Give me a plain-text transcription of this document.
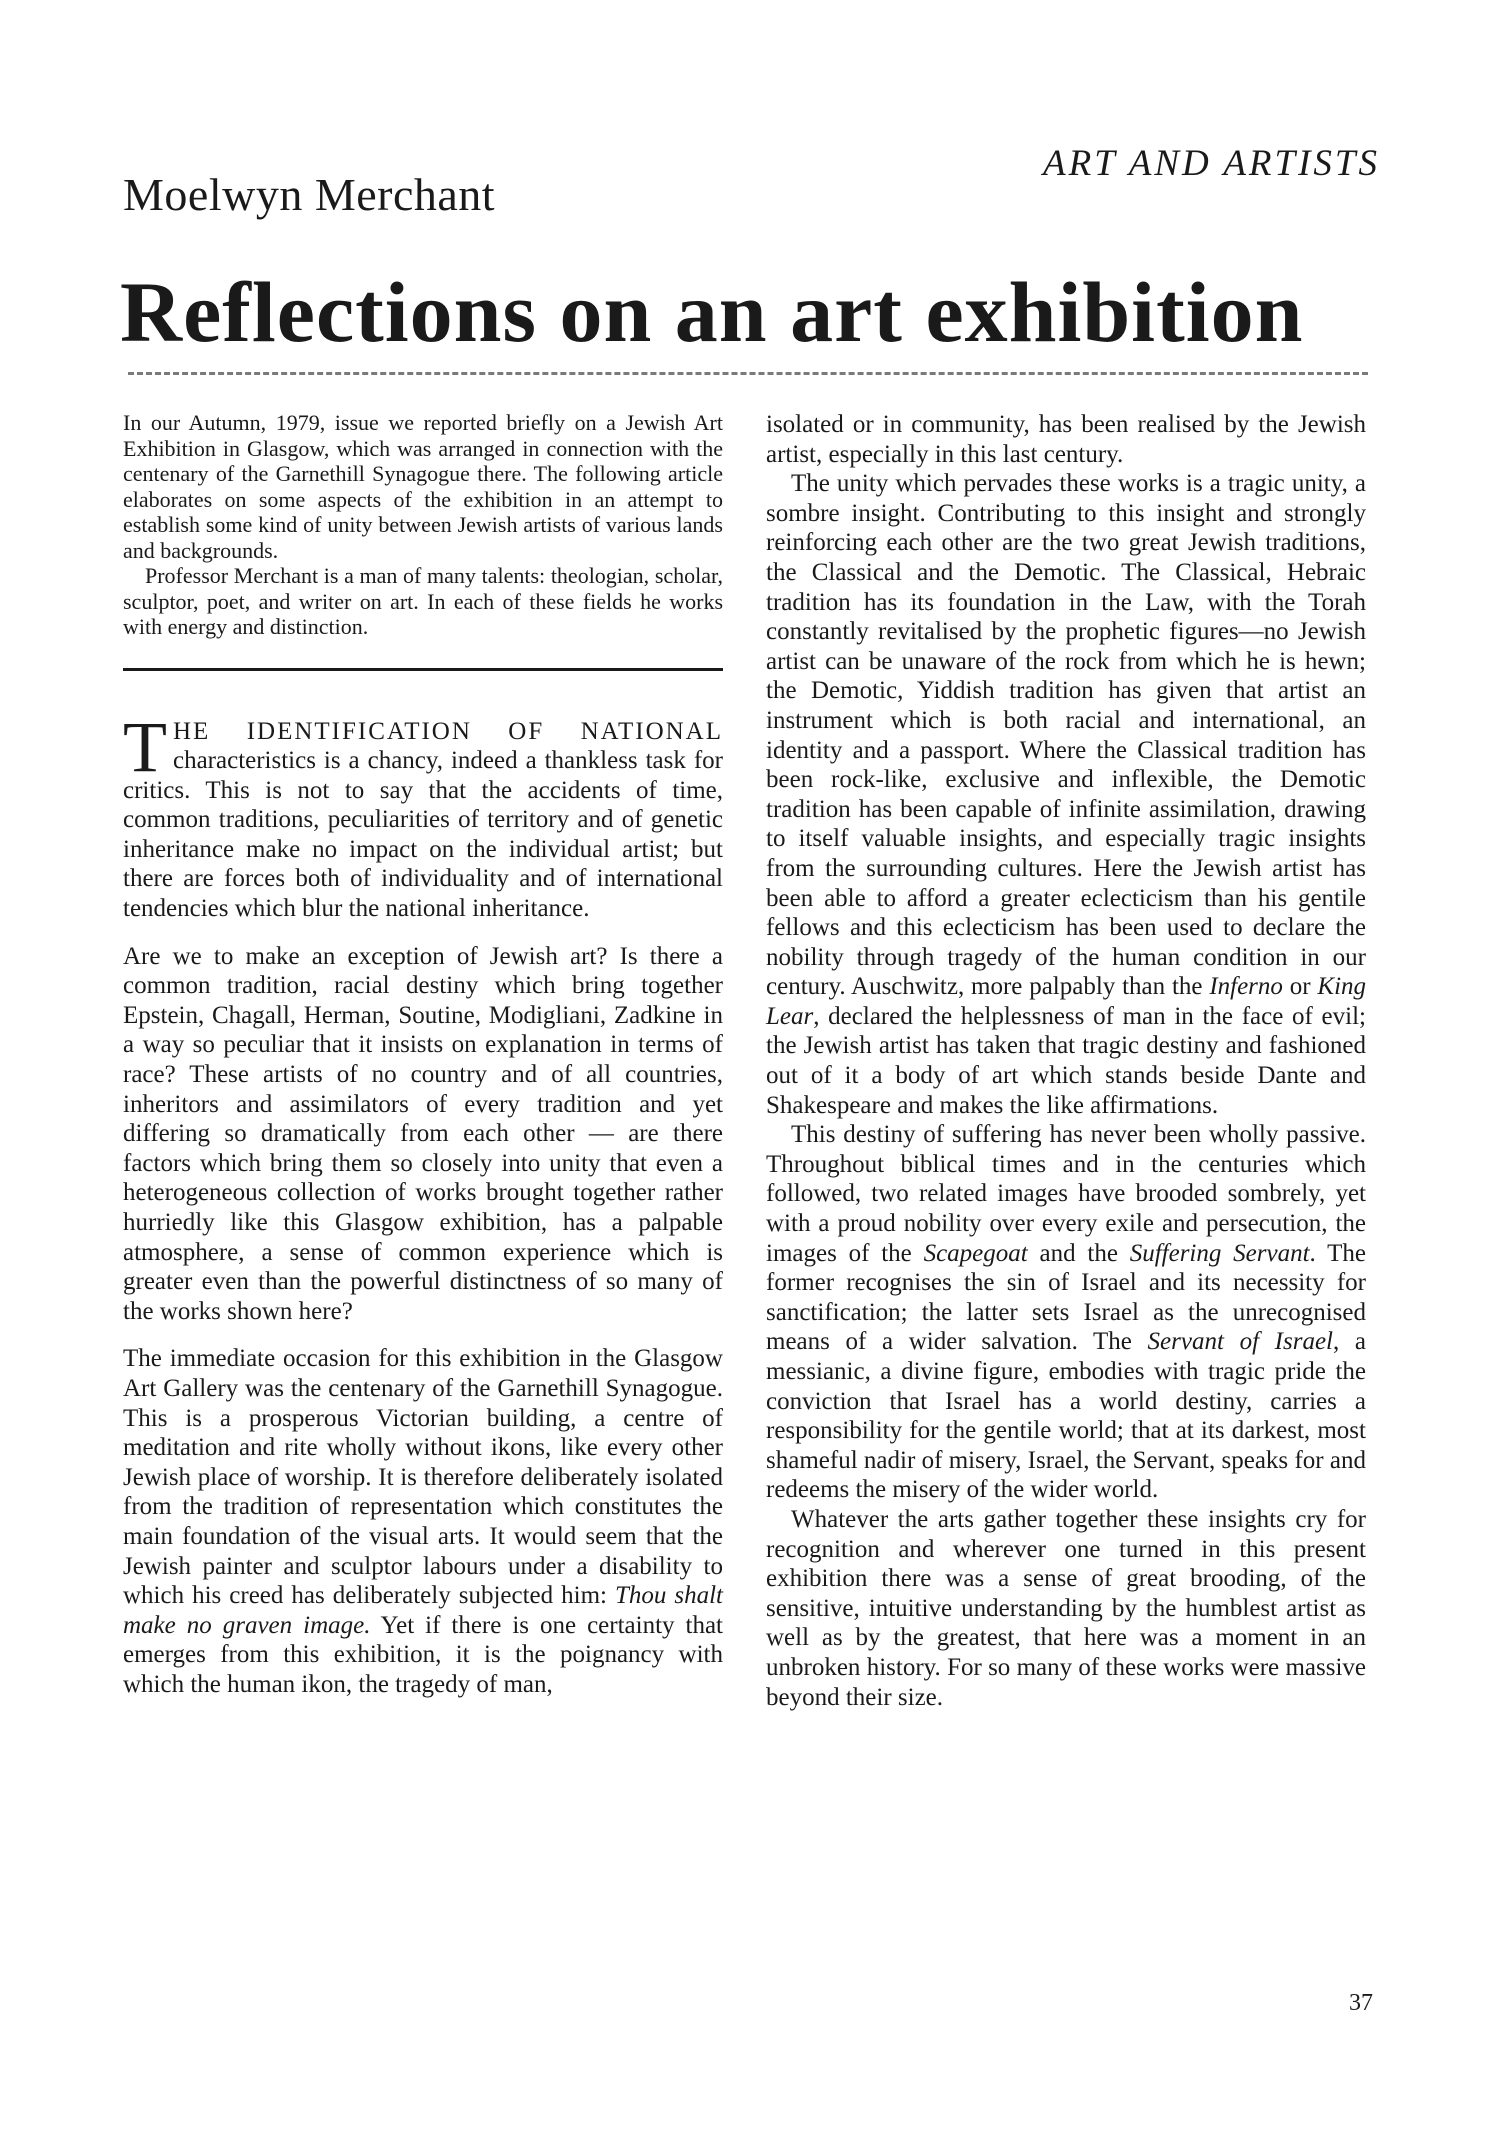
Moelwyn Merchant
ART AND ARTISTS
Reflections on an art exhibition

In our Autumn, 1979, issue we reported briefly on a Jewish Art Exhibition in Glasgow, which was arranged in connection with the centenary of the Garnethill Synagogue there. The following article elaborates on some aspects of the exhibition in an attempt to establish some kind of unity between Jewish artists of various lands and backgrounds.

Professor Merchant is a man of many talents: theologian, scholar, sculptor, poet, and writer on art. In each of these fields he works with energy and distinction.

THE IDENTIFICATION OF NATIONAL characteristics is a chancy, indeed a thankless task for critics. This is not to say that the accidents of time, common traditions, peculiarities of territory and of genetic inheritance make no impact on the individual artist; but there are forces both of individuality and of international tendencies which blur the national inheritance.

Are we to make an exception of Jewish art? Is there a common tradition, racial destiny which bring together Epstein, Chagall, Herman, Soutine, Modigliani, Zadkine in a way so peculiar that it insists on explanation in terms of race? These artists of no country and of all countries, inheritors and assimilators of every tradition and yet differing so dramatically from each other — are there factors which bring them so closely into unity that even a heterogeneous collection of works brought together rather hurriedly like this Glasgow exhibition, has a palpable atmosphere, a sense of common experience which is greater even than the powerful distinctness of so many of the works shown here?

The immediate occasion for this exhibition in the Glasgow Art Gallery was the centenary of the Garnethill Synagogue. This is a prosperous Victorian building, a centre of meditation and rite wholly without ikons, like every other Jewish place of worship. It is therefore deliberately isolated from the tradition of representation which constitutes the main foundation of the visual arts. It would seem that the Jewish painter and sculptor labours under a disability to which his creed has deliberately subjected him: Thou shalt make no graven image. Yet if there is one certainty that emerges from this exhibition, it is the poignancy with which the human ikon, the tragedy of man,

isolated or in community, has been realised by the Jewish artist, especially in this last century.

The unity which pervades these works is a tragic unity, a sombre insight. Contributing to this insight and strongly reinforcing each other are the two great Jewish traditions, the Classical and the Demotic. The Classical, Hebraic tradition has its foundation in the Law, with the Torah constantly revitalised by the prophetic figures—no Jewish artist can be unaware of the rock from which he is hewn; the Demotic, Yiddish tradition has given that artist an instrument which is both racial and international, an identity and a passport. Where the Classical tradition has been rock-like, exclusive and inflexible, the Demotic tradition has been capable of infinite assimilation, drawing to itself valuable insights, and especially tragic insights from the surrounding cultures. Here the Jewish artist has been able to afford a greater eclecticism than his gentile fellows and this eclecticism has been used to declare the nobility through tragedy of the human condition in our century. Auschwitz, more palpably than the Inferno or King Lear, declared the helplessness of man in the face of evil; the Jewish artist has taken that tragic destiny and fashioned out of it a body of art which stands beside Dante and Shakespeare and makes the like affirmations.

This destiny of suffering has never been wholly passive. Throughout biblical times and in the centuries which followed, two related images have brooded sombrely, yet with a proud nobility over every exile and persecution, the images of the Scapegoat and the Suffering Servant. The former recognises the sin of Israel and its necessity for sanctification; the latter sets Israel as the unrecognised means of a wider salvation. The Servant of Israel, a messianic, a divine figure, embodies with tragic pride the conviction that Israel has a world destiny, carries a responsibility for the gentile world; that at its darkest, most shameful nadir of misery, Israel, the Servant, speaks for and redeems the misery of the wider world.

Whatever the arts gather together these insights cry for recognition and wherever one turned in this present exhibition there was a sense of great brooding, of the sensitive, intuitive understanding by the humblest artist as well as by the greatest, that here was a moment in an unbroken history. For so many of these works were massive beyond their size.

37
